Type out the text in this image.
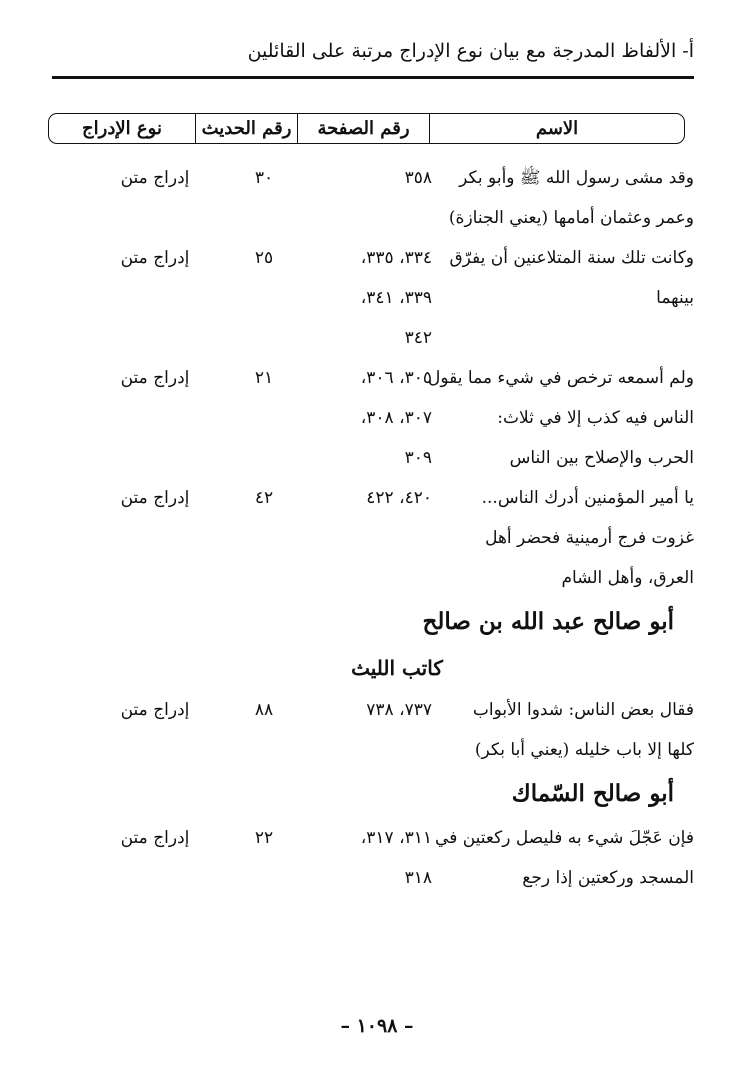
أ- الألفاظ المدرجة مع بيان نوع الإدراج مرتبة على القائلين
الاسم
رقم الصفحة
رقم الحديث
نوع الإدراج
وقد مشى رسول الله ﷺ وأبو بكر
٣٥٨
٣٠
إدراج متن
وعمر وعثمان أمامها (يعني الجنازة)
وكانت تلك سنة المتلاعنين أن يفرّق
٣٣٤، ٣٣٥،
٢٥
إدراج متن
بينهما
٣٣٩، ٣٤١،
٣٤٢
ولم أسمعه ترخص في شيء مما يقول
٣٠٥، ٣٠٦،
٢١
إدراج متن
الناس فيه كذب إلا في ثلاث:
٣٠٧، ٣٠٨،
الحرب والإصلاح بين الناس
٣٠٩
يا أمير المؤمنين أدرك الناس...
٤٢٠، ٤٢٢
٤٢
إدراج متن
غزوت فرج أرمينية فحضر أهل
العرق، وأهل الشام
أبو صالح عبد الله بن صالح
كاتب الليث
فقال بعض الناس: شدوا الأبواب
٧٣٧، ٧٣٨
٨٨
إدراج متن
كلها إلا باب خليله (يعني أبا بكر)
أبو صالح السّماك
فإن عَجّلَ شيء به فليصل ركعتين في
٣١١، ٣١٧،
٢٢
إدراج متن
المسجد وركعتين إذا رجع
٣١٨
– ١٠٩٨ –
